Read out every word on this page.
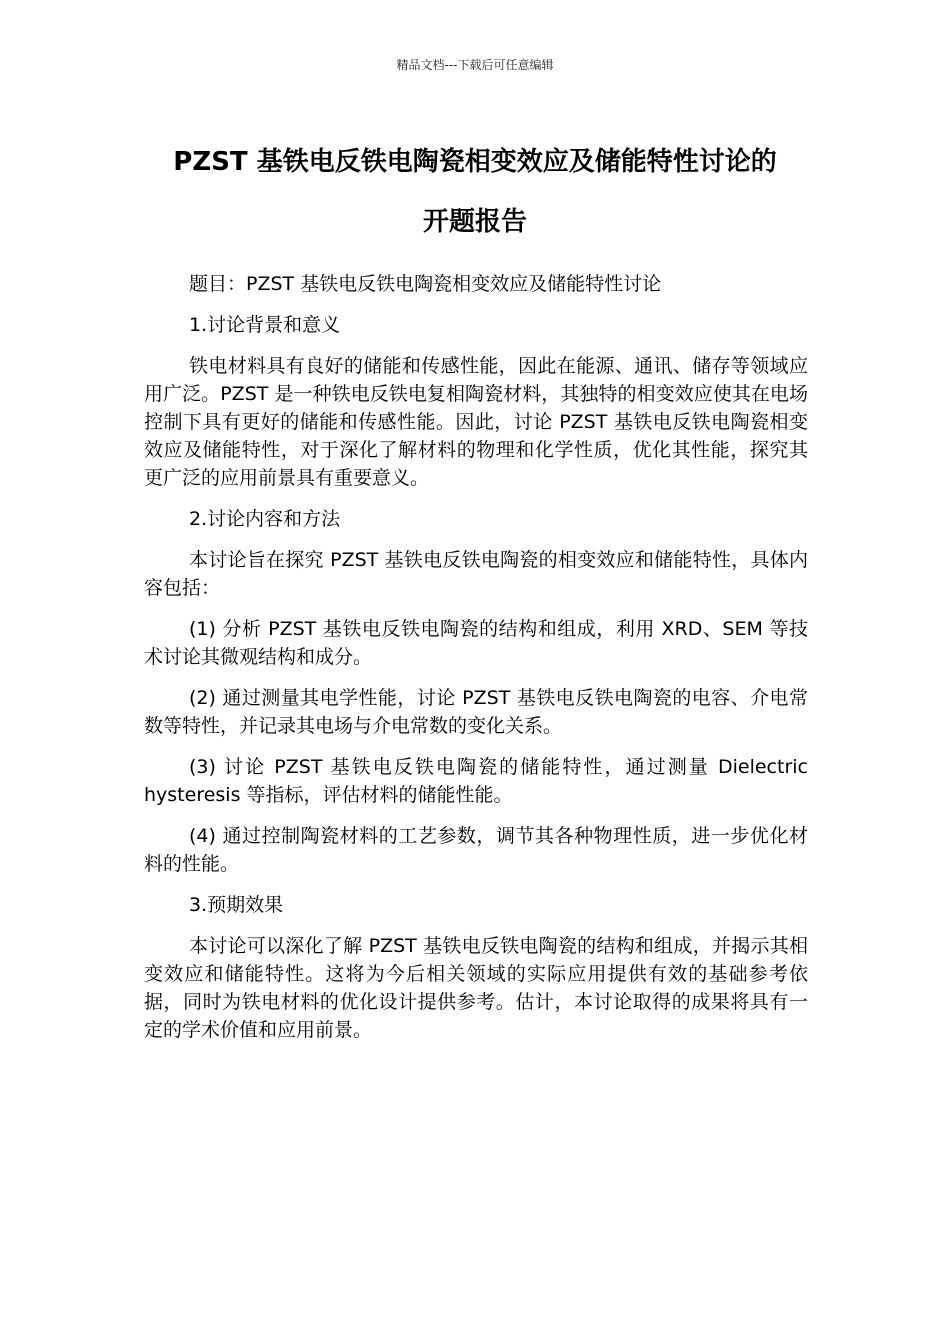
精品文档---下载后可任意编辑
PZST 基铁电反铁电陶瓷相变效应及储能特性讨论的
开题报告

题目：PZST 基铁电反铁电陶瓷相变效应及储能特性讨论

1.讨论背景和意义

铁电材料具有良好的储能和传感性能，因此在能源、通讯、储存等领域应用广泛。PZST 是一种铁电反铁电复相陶瓷材料，其独特的相变效应使其在电场控制下具有更好的储能和传感性能。因此，讨论 PZST 基铁电反铁电陶瓷相变效应及储能特性，对于深化了解材料的物理和化学性质，优化其性能，探究其更广泛的应用前景具有重要意义。

2.讨论内容和方法

本讨论旨在探究 PZST 基铁电反铁电陶瓷的相变效应和储能特性，具体内容包括：

(1) 分析 PZST 基铁电反铁电陶瓷的结构和组成，利用 XRD、SEM 等技术讨论其微观结构和成分。

(2) 通过测量其电学性能，讨论 PZST 基铁电反铁电陶瓷的电容、介电常数等特性，并记录其电场与介电常数的变化关系。

(3) 讨论 PZST 基铁电反铁电陶瓷的储能特性，通过测量 Dielectric hysteresis 等指标，评估材料的储能性能。

(4) 通过控制陶瓷材料的工艺参数，调节其各种物理性质，进一步优化材料的性能。

3.预期效果

本讨论可以深化了解 PZST 基铁电反铁电陶瓷的结构和组成，并揭示其相变效应和储能特性。这将为今后相关领域的实际应用提供有效的基础参考依据，同时为铁电材料的优化设计提供参考。估计，本讨论取得的成果将具有一定的学术价值和应用前景。
